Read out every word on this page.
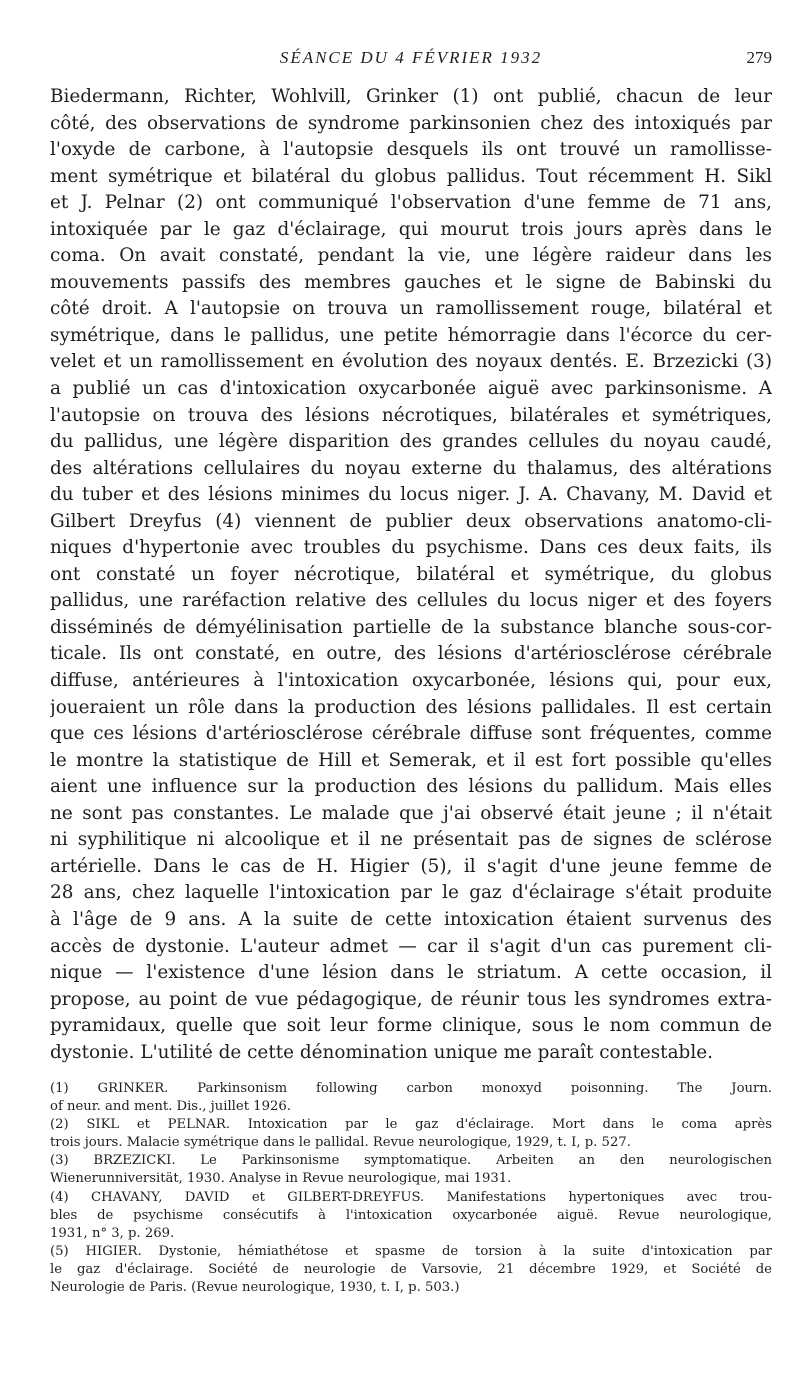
SÉANCE DU 4 FÉVRIER 1932	279
Biedermann, Richter, Wohlvill, Grinker (1) ont publié, chacun de leur
côté, des observations de syndrome parkinsonien chez des intoxiqués par
l'oxyde de carbone, à l'autopsie desquels ils ont trouvé un ramollisse-
ment symétrique et bilatéral du globus pallidus. Tout récemment H. Sikl
et J. Pelnar (2) ont communiqué l'observation d'une femme de 71 ans,
intoxiquée par le gaz d'éclairage, qui mourut trois jours après dans le
coma. On avait constaté, pendant la vie, une légère raideur dans les
mouvements passifs des membres gauches et le signe de Babinski du
côté droit. A l'autopsie on trouva un ramollissement rouge, bilatéral et
symétrique, dans le pallidus, une petite hémorragie dans l'écorce du cer-
velet et un ramollissement en évolution des noyaux dentés. E. Brzezicki (3)
a publié un cas d'intoxication oxycarbonée aiguë avec parkinsonisme. A
l'autopsie on trouva des lésions nécrotiques, bilatérales et symétriques,
du pallidus, une légère disparition des grandes cellules du noyau caudé,
des altérations cellulaires du noyau externe du thalamus, des altérations
du tuber et des lésions minimes du locus niger. J. A. Chavany, M. David et
Gilbert Dreyfus (4) viennent de publier deux observations anatomo-cli-
niques d'hypertonie avec troubles du psychisme. Dans ces deux faits, ils
ont constaté un foyer nécrotique, bilatéral et symétrique, du globus
pallidus, une raréfaction relative des cellules du locus niger et des foyers
disséminés de démyélinisation partielle de la substance blanche sous-cor-
ticale. Ils ont constaté, en outre, des lésions d'artériosclérose cérébrale
diffuse, antérieures à l'intoxication oxycarbonée, lésions qui, pour eux,
joueraient un rôle dans la production des lésions pallidales. Il est certain
que ces lésions d'artériosclérose cérébrale diffuse sont fréquentes, comme
le montre la statistique de Hill et Semerak, et il est fort possible qu'elles
aient une influence sur la production des lésions du pallidum. Mais elles
ne sont pas constantes. Le malade que j'ai observé était jeune ; il n'était
ni syphilitique ni alcoolique et il ne présentait pas de signes de sclérose
artérielle. Dans le cas de H. Higier (5), il s'agit d'une jeune femme de
28 ans, chez laquelle l'intoxication par le gaz d'éclairage s'était produite
à l'âge de 9 ans. A la suite de cette intoxication étaient survenus des
accès de dystonie. L'auteur admet — car il s'agit d'un cas purement cli-
nique — l'existence d'une lésion dans le striatum. A cette occasion, il
propose, au point de vue pédagogique, de réunir tous les syndromes extra-
pyramidaux, quelle que soit leur forme clinique, sous le nom commun de
dystonie. L'utilité de cette dénomination unique me paraît contestable.
(1) GRINKER. Parkinsonism following carbon monoxyd poisonning. The Journ.
of neur. and ment. Dis., juillet 1926.
(2) SIKL et PELNAR. Intoxication par le gaz d'éclairage. Mort dans le coma après
trois jours. Malacie symétrique dans le pallidal. Revue neurologique, 1929, t. I, p. 527.
(3) BRZEZICKI. Le Parkinsonisme symptomatique. Arbeiten an den neurologischen
Wienerunniversität, 1930. Analyse in Revue neurologique, mai 1931.
(4) CHAVANY, DAVID et GILBERT-DREYFUS. Manifestations hypertoniques avec trou-
bles de psychisme consécutifs à l'intoxication oxycarbonée aiguë. Revue neurologique,
1931, n° 3, p. 269.
(5) HIGIER. Dystonie, hémiathétose et spasme de torsion à la suite d'intoxication par
le gaz d'éclairage. Société de neurologie de Varsovie, 21 décembre 1929, et Société de
Neurologie de Paris. (Revue neurologique, 1930, t. I, p. 503.)
